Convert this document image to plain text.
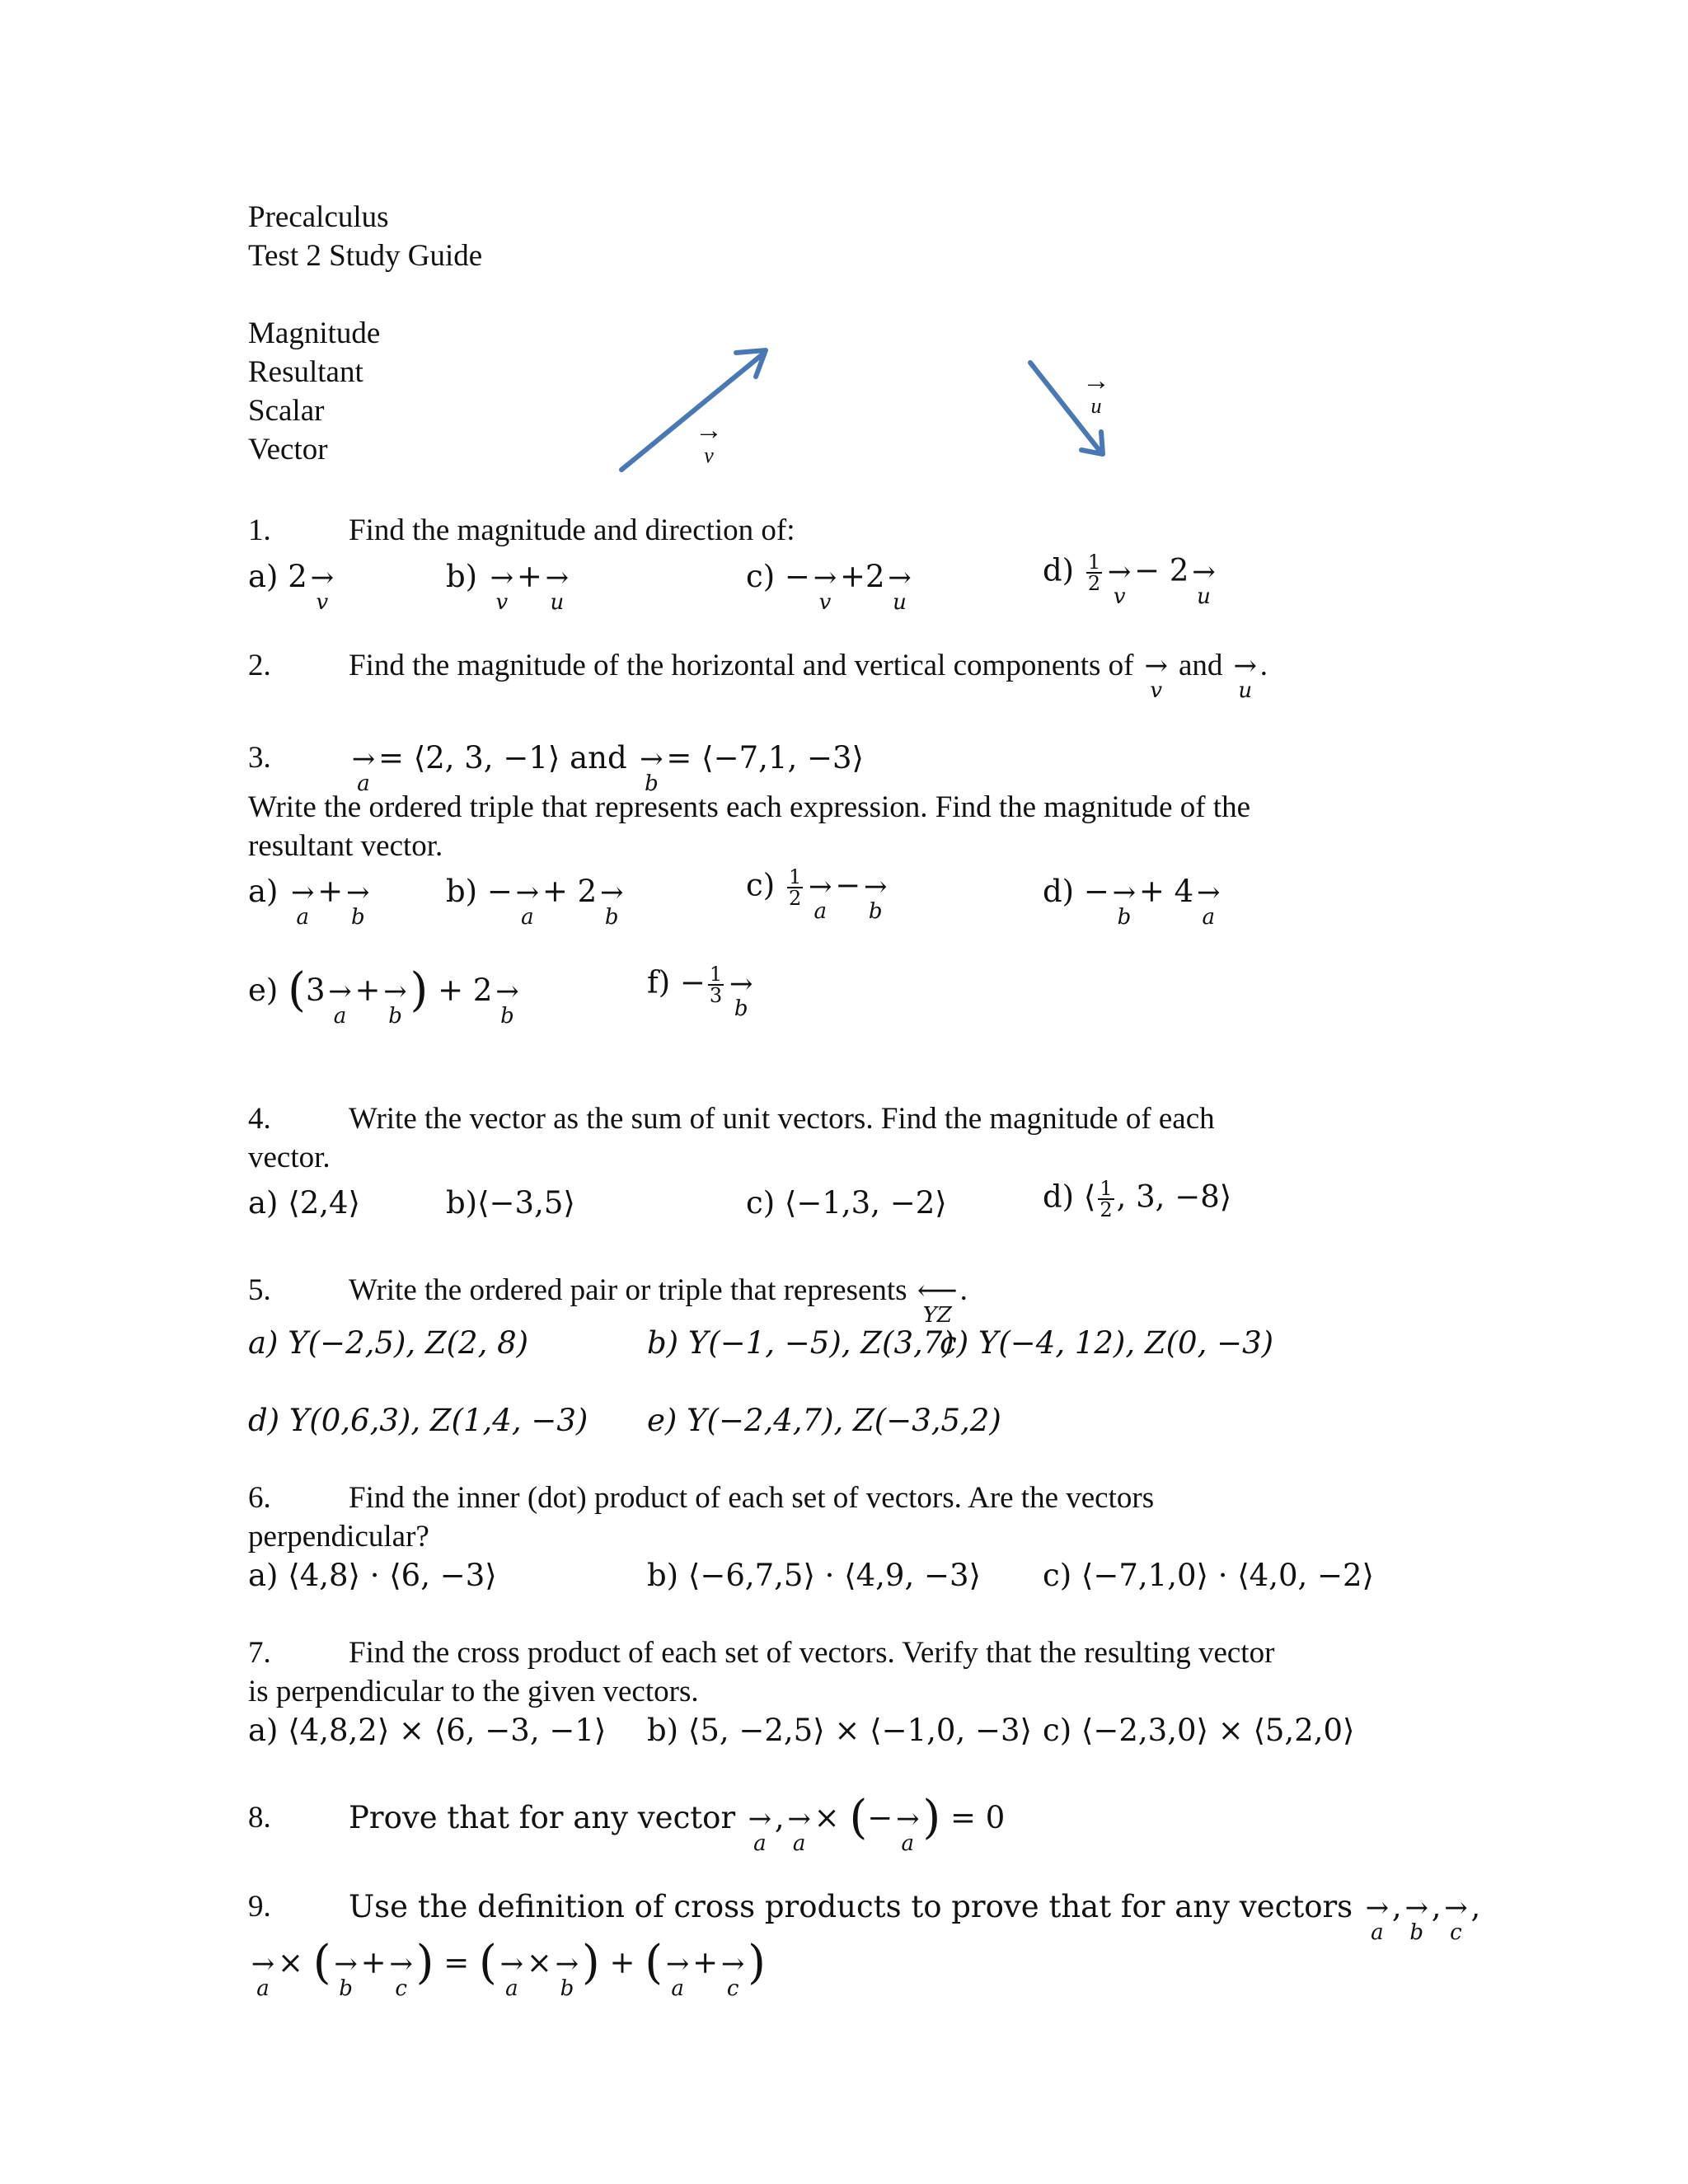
Precalculus
Test 2 Study Guide
Magnitude
Resultant
Scalar
Vector
→
v
→
u
1.	Find the magnitude and direction of:
a) 2 →
v
b) →
v
+ →
u
c) − →
v
+2 →
u
$d) \frac{1}{2}$ →
v
− 2 →
u
2.	Find the magnitude of the horizontal and vertical components of →
v
and →
u
.
3.	→
a
= ⟨2, 3, −1⟩ and →
b
= ⟨−7,1, −3⟩
Write the ordered triple that represents each expression. Find the magnitude of the
resultant vector.
a) →
a
+ →
b
b) − →
a
+ 2 →
b
$c) \frac{1}{2}$ →
a
− →
b
d) − →
b
+ 4 →
a
e) (3 →
a
+ →
b ) + 2 →
b
$f) - \frac{1}{3}$ →
b
4.	Write the vector as the sum of unit vectors. Find the magnitude of each
vector.
a) ⟨2,4⟩	b)⟨−3,5⟩	c) ⟨−1,3, −2⟩	d) ⟨ $\frac{1}{2}$ , 3, −8⟩
5.	Write the ordered pair or triple that represents ⟵
YZ
.
a) Y(−2,5), Z(2, 8)	b) Y(−1, −5), Z(3,7)
c) Y(−4, 12), Z(0, −3)
d) Y(0,6,3), Z(1,4, −3) e) Y(−2,4,7), Z(−3,5,2)
6.	Find the inner (dot) product of each set of vectors. Are the vectors
perpendicular?
a) ⟨4,8⟩ · ⟨6, −3⟩	b) ⟨−6,7,5⟩ · ⟨4,9, −3⟩ c) ⟨−7,1,0⟩ · ⟨4,0, −2⟩
7.	Find the cross product of each set of vectors. Verify that the resulting vector
is perpendicular to the given vectors.
a) ⟨4,8,2⟩ × ⟨6, −3, −1⟩ b) ⟨5, −2,5⟩ × ⟨−1,0, −3⟩ c) ⟨−2,3,0⟩ × ⟨5,2,0⟩
8.	Prove that for any vector →
a
, →
a
× (− →
a ) = 0
9.	Use the definition of cross products to prove that for any vectors →
a
, →
b
, →
c
,
→
a
× ( →
b
+ →
c ) = ( →
a
× →
b ) + ( →
a
+ →
c )
